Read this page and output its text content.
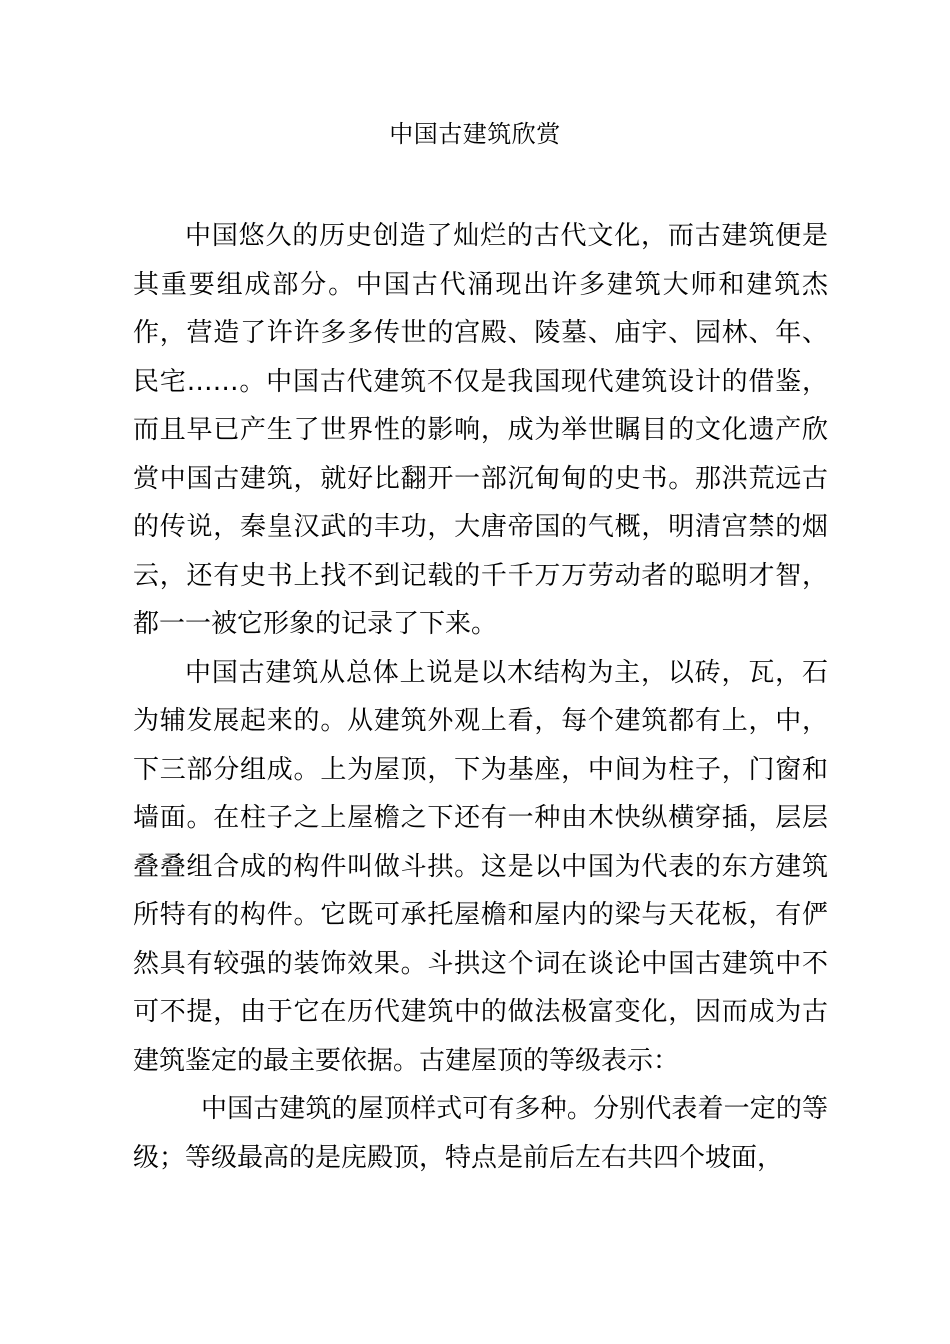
中国古建筑欣赏

中国悠久的历史创造了灿烂的古代文化，而古建筑便是其重要组成部分。中国古代涌现出许多建筑大师和建筑杰作，营造了许许多多传世的宫殿、陵墓、庙宇、园林、年、民宅……。中国古代建筑不仅是我国现代建筑设计的借鉴，而且早已产生了世界性的影响，成为举世瞩目的文化遗产欣赏中国古建筑，就好比翻开一部沉甸甸的史书。那洪荒远古的传说，秦皇汉武的丰功，大唐帝国的气概，明清宫禁的烟云，还有史书上找不到记载的千千万万劳动者的聪明才智，都一一被它形象的记录了下来。

中国古建筑从总体上说是以木结构为主，以砖，瓦，石为辅发展起来的。从建筑外观上看，每个建筑都有上，中，下三部分组成。上为屋顶，下为基座，中间为柱子，门窗和墙面。在柱子之上屋檐之下还有一种由木快纵横穿插，层层叠叠组合成的构件叫做斗拱。这是以中国为代表的东方建筑所特有的构件。它既可承托屋檐和屋内的梁与天花板，有俨然具有较强的装饰效果。斗拱这个词在谈论中国古建筑中不可不提，由于它在历代建筑中的做法极富变化，因而成为古建筑鉴定的最主要依据。古建屋顶的等级表示：

中国古建筑的屋顶样式可有多种。分别代表着一定的等级；等级最高的是庑殿顶，特点是前后左右共四个坡面，
